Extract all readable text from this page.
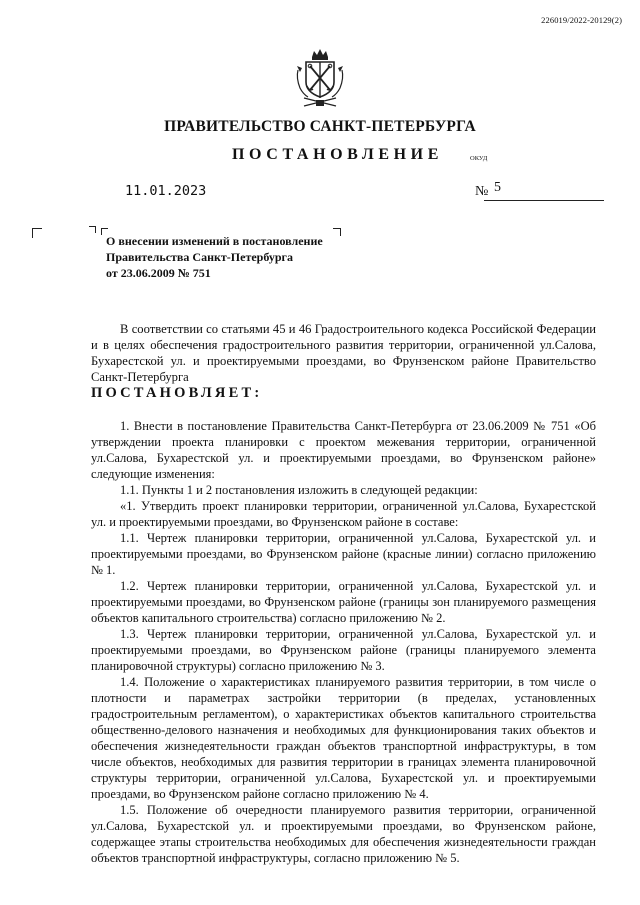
226019/2022-20129(2)
ПРАВИТЕЛЬСТВО САНКТ-ПЕТЕРБУРГА
ПОСТАНОВЛЕНИЕ	ОКУД
11.01.2023	№ 5
О внесении изменений в постановление
Правительства Санкт-Петербурга
от 23.06.2009 № 751

В соответствии со статьями 45 и 46 Градостроительного кодекса Российской Федерации и в целях обеспечения градостроительного развития территории, ограниченной ул.Салова, Бухарестской ул. и проектируемыми проездами, во Фрунзенском районе Правительство Санкт-Петербурга

ПОСТАНОВЛЯЕТ:

1. Внести в постановление Правительства Санкт-Петербурга от 23.06.2009 № 751 «Об утверждении проекта планировки с проектом межевания территории, ограниченной ул.Салова, Бухарестской ул. и проектируемыми проездами, во Фрунзенском районе» следующие изменения:

1.1. Пункты 1 и 2 постановления изложить в следующей редакции:

«1. Утвердить проект планировки территории, ограниченной ул.Салова, Бухарестской ул. и проектируемыми проездами, во Фрунзенском районе в составе:

1.1. Чертеж планировки территории, ограниченной ул.Салова, Бухарестской ул. и проектируемыми проездами, во Фрунзенском районе (красные линии) согласно приложению № 1.

1.2. Чертеж планировки территории, ограниченной ул.Салова, Бухарестской ул. и проектируемыми проездами, во Фрунзенском районе (границы зон планируемого размещения объектов капитального строительства) согласно приложению № 2.

1.3. Чертеж планировки территории, ограниченной ул.Салова, Бухарестской ул. и проектируемыми проездами, во Фрунзенском районе (границы планируемого элемента планировочной структуры) согласно приложению № 3.

1.4. Положение о характеристиках планируемого развития территории, в том числе о плотности и параметрах застройки территории (в пределах, установленных градостроительным регламентом), о характеристиках объектов капитального строительства общественно-делового назначения и необходимых для функционирования таких объектов и обеспечения жизнедеятельности граждан объектов транспортной инфраструктуры, в том числе объектов, необходимых для развития территории в границах элемента планировочной структуры территории, ограниченной ул.Салова, Бухарестской ул. и проектируемыми проездами, во Фрунзенском районе согласно приложению № 4.

1.5. Положение об очередности планируемого развития территории, ограниченной ул.Салова, Бухарестской ул. и проектируемыми проездами, во Фрунзенском районе, содержащее этапы строительства необходимых для обеспечения жизнедеятельности граждан объектов транспортной инфраструктуры, согласно приложению № 5.
